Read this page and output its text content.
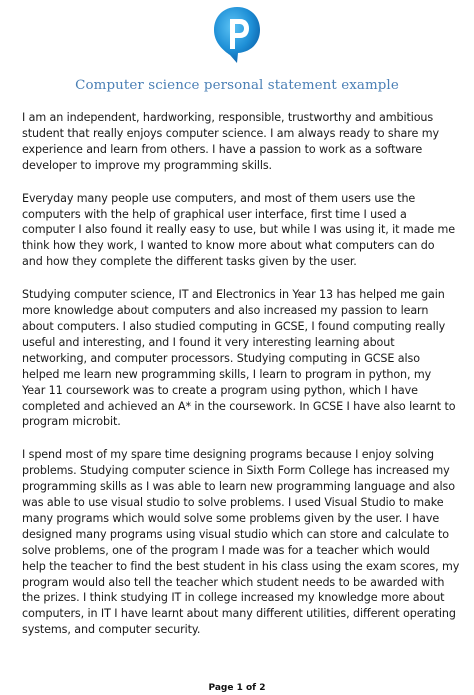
Computer science personal statement example

I am an independent, hardworking, responsible, trustworthy and ambitious
student that really enjoys computer science. I am always ready to share my
experience and learn from others. I have a passion to work as a software
developer to improve my programming skills.

Everyday many people use computers, and most of them users use the
computers with the help of graphical user interface, first time I used a
computer I also found it really easy to use, but while I was using it, it made me
think how they work, I wanted to know more about what computers can do
and how they complete the different tasks given by the user.

Studying computer science, IT and Electronics in Year 13 has helped me gain
more knowledge about computers and also increased my passion to learn
about computers. I also studied computing in GCSE, I found computing really
useful and interesting, and I found it very interesting learning about
networking, and computer processors. Studying computing in GCSE also
helped me learn new programming skills, I learn to program in python, my
Year 11 coursework was to create a program using python, which I have
completed and achieved an A* in the coursework. In GCSE I have also learnt to
program microbit.

I spend most of my spare time designing programs because I enjoy solving
problems. Studying computer science in Sixth Form College has increased my
programming skills as I was able to learn new programming language and also
was able to use visual studio to solve problems. I used Visual Studio to make
many programs which would solve some problems given by the user. I have
designed many programs using visual studio which can store and calculate to
solve problems, one of the program I made was for a teacher which would
help the teacher to find the best student in his class using the exam scores, my
program would also tell the teacher which student needs to be awarded with
the prizes. I think studying IT in college increased my knowledge more about
computers, in IT I have learnt about many different utilities, different operating
systems, and computer security.

Page 1 of 2
